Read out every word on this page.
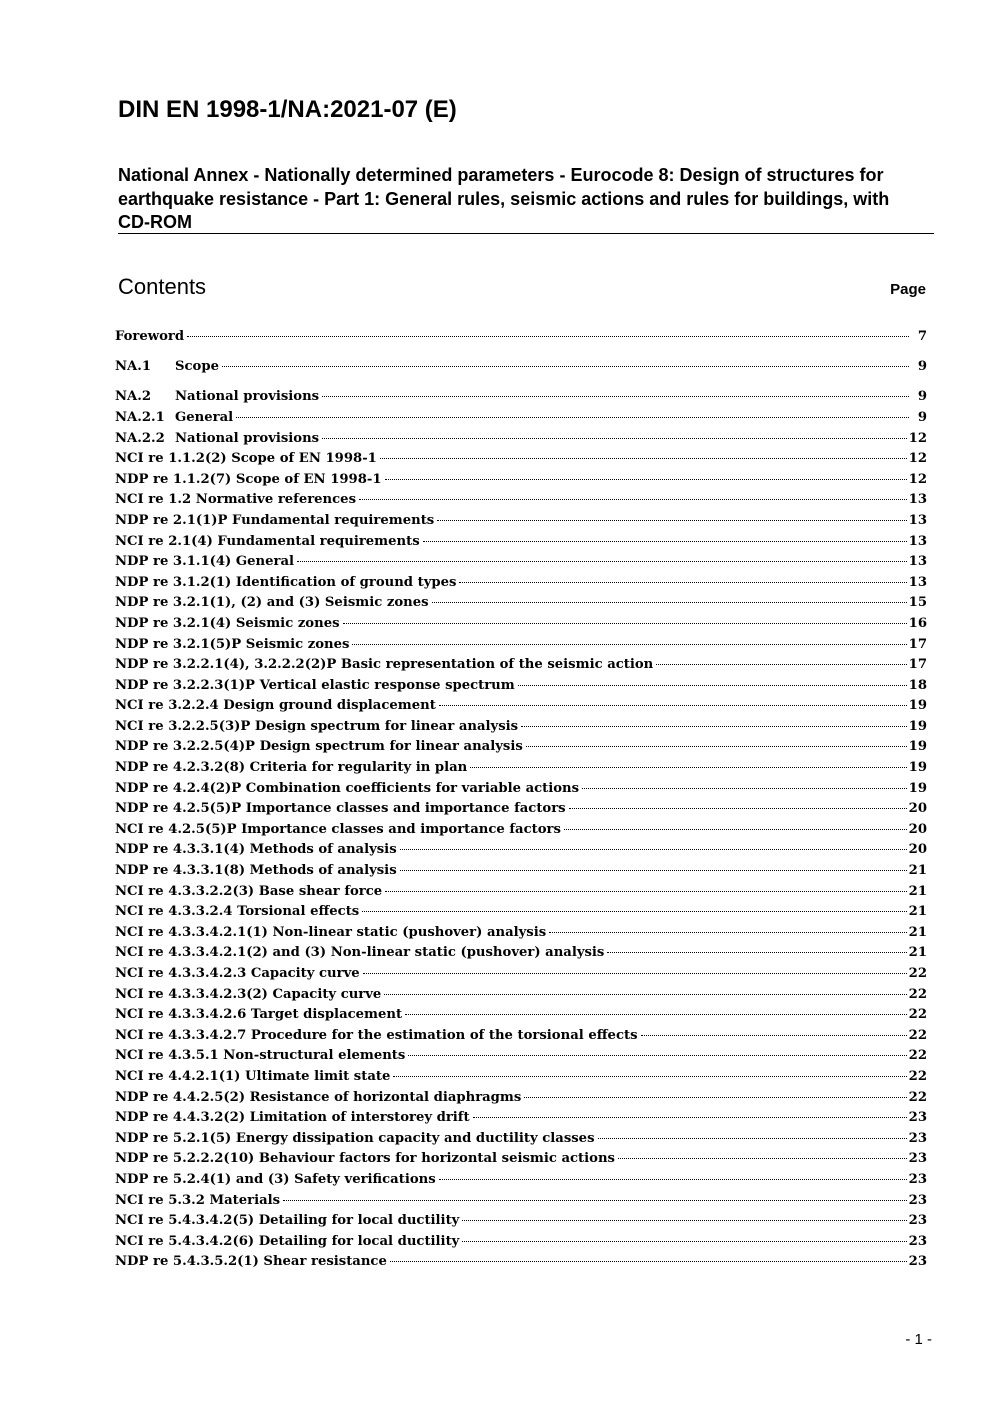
DIN EN 1998-1/NA:2021-07 (E)
National Annex - Nationally determined parameters - Eurocode 8: Design of structures for earthquake resistance - Part 1: General rules, seismic actions and rules for buildings, with CD-ROM
Contents	Page
Foreword	7
NA.1	Scope	9
NA.2	National provisions	9
NA.2.1 General	9
NA.2.2 National provisions	12
NCI re 1.1.2(2) Scope of EN 1998-1	12
NDP re 1.1.2(7) Scope of EN 1998-1	12
NCI re 1.2 Normative references	13
NDP re 2.1(1)P Fundamental requirements	13
NCI re 2.1(4) Fundamental requirements	13
NDP re 3.1.1(4) General	13
NDP re 3.1.2(1) Identification of ground types	13
NDP re 3.2.1(1), (2) and (3) Seismic zones	15
NDP re 3.2.1(4) Seismic zones	16
NDP re 3.2.1(5)P Seismic zones	17
NDP re 3.2.2.1(4), 3.2.2.2(2)P Basic representation of the seismic action	17
NDP re 3.2.2.3(1)P Vertical elastic response spectrum	18
NCI re 3.2.2.4 Design ground displacement	19
NCI re 3.2.2.5(3)P Design spectrum for linear analysis	19
NDP re 3.2.2.5(4)P Design spectrum for linear analysis	19
NDP re 4.2.3.2(8) Criteria for regularity in plan	19
NDP re 4.2.4(2)P Combination coefficients for variable actions	19
NDP re 4.2.5(5)P Importance classes and importance factors	20
NCI re 4.2.5(5)P Importance classes and importance factors	20
NDP re 4.3.3.1(4) Methods of analysis	20
NDP re 4.3.3.1(8) Methods of analysis	21
NCI re 4.3.3.2.2(3) Base shear force	21
NCI re 4.3.3.2.4 Torsional effects	21
NCI re 4.3.3.4.2.1(1) Non-linear static (pushover) analysis	21
NCI re 4.3.3.4.2.1(2) and (3) Non-linear static (pushover) analysis	21
NCI re 4.3.3.4.2.3 Capacity curve	22
NCI re 4.3.3.4.2.3(2) Capacity curve	22
NCI re 4.3.3.4.2.6 Target displacement	22
NCI re 4.3.3.4.2.7 Procedure for the estimation of the torsional effects	22
NCI re 4.3.5.1 Non-structural elements	22
NCI re 4.4.2.1(1) Ultimate limit state	22
NDP re 4.4.2.5(2) Resistance of horizontal diaphragms	22
NDP re 4.4.3.2(2) Limitation of interstorey drift	23
NDP re 5.2.1(5) Energy dissipation capacity and ductility classes	23
NDP re 5.2.2.2(10) Behaviour factors for horizontal seismic actions	23
NDP re 5.2.4(1) and (3) Safety verifications	23
NCI re 5.3.2 Materials	23
NCI re 5.4.3.4.2(5) Detailing for local ductility	23
NCI re 5.4.3.4.2(6) Detailing for local ductility	23
NDP re 5.4.3.5.2(1) Shear resistance	23
- 1 -
